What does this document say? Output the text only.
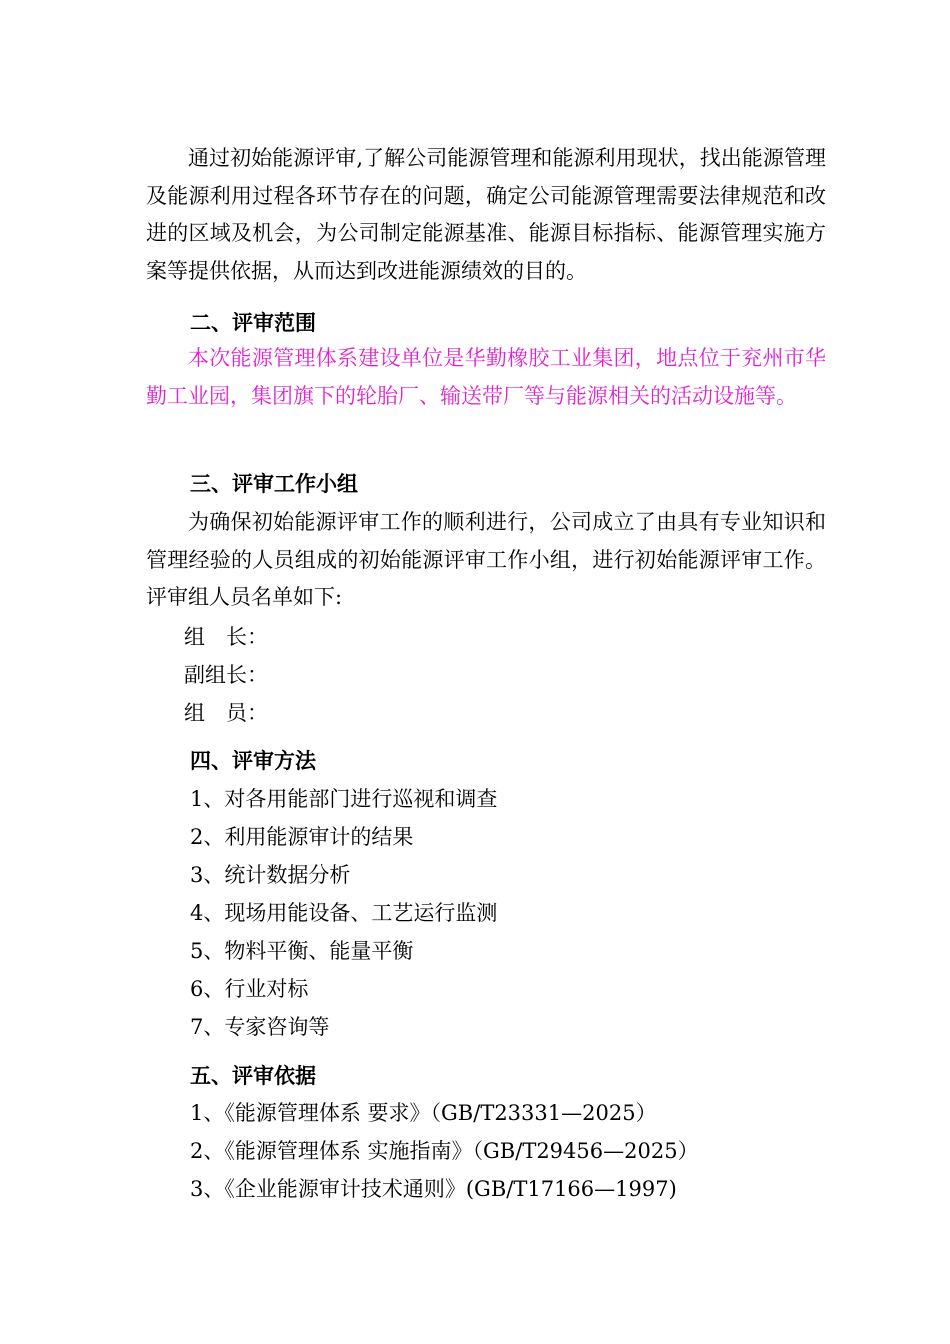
通过初始能源评审,了解公司能源管理和能源利用现状，找出能源管理及能源利用过程各环节存在的问题，确定公司能源管理需要法律规范和改进的区域及机会，为公司制定能源基准、能源目标指标、能源管理实施方案等提供依据，从而达到改进能源绩效的目的。

二、评审范围

本次能源管理体系建设单位是华勤橡胶工业集团，地点位于兖州市华勤工业园，集团旗下的轮胎厂、输送带厂等与能源相关的活动设施等。

三、评审工作小组

为确保初始能源评审工作的顺利进行，公司成立了由具有专业知识和管理经验的人员组成的初始能源评审工作小组，进行初始能源评审工作。评审组人员名单如下:

组　长：
副组长：
组　员：
四、评审方法
1、对各用能部门进行巡视和调查
2、利用能源审计的结果
3、统计数据分析
4、现场用能设备、工艺运行监测
5、物料平衡、能量平衡
6、行业对标
7、专家咨询等
五、评审依据
1、《能源管理体系 要求》（GB/T23331—2025）
2、《能源管理体系 实施指南》（GB/T29456—2025）
3、《企业能源审计技术通则》(GB/T17166—1997)
